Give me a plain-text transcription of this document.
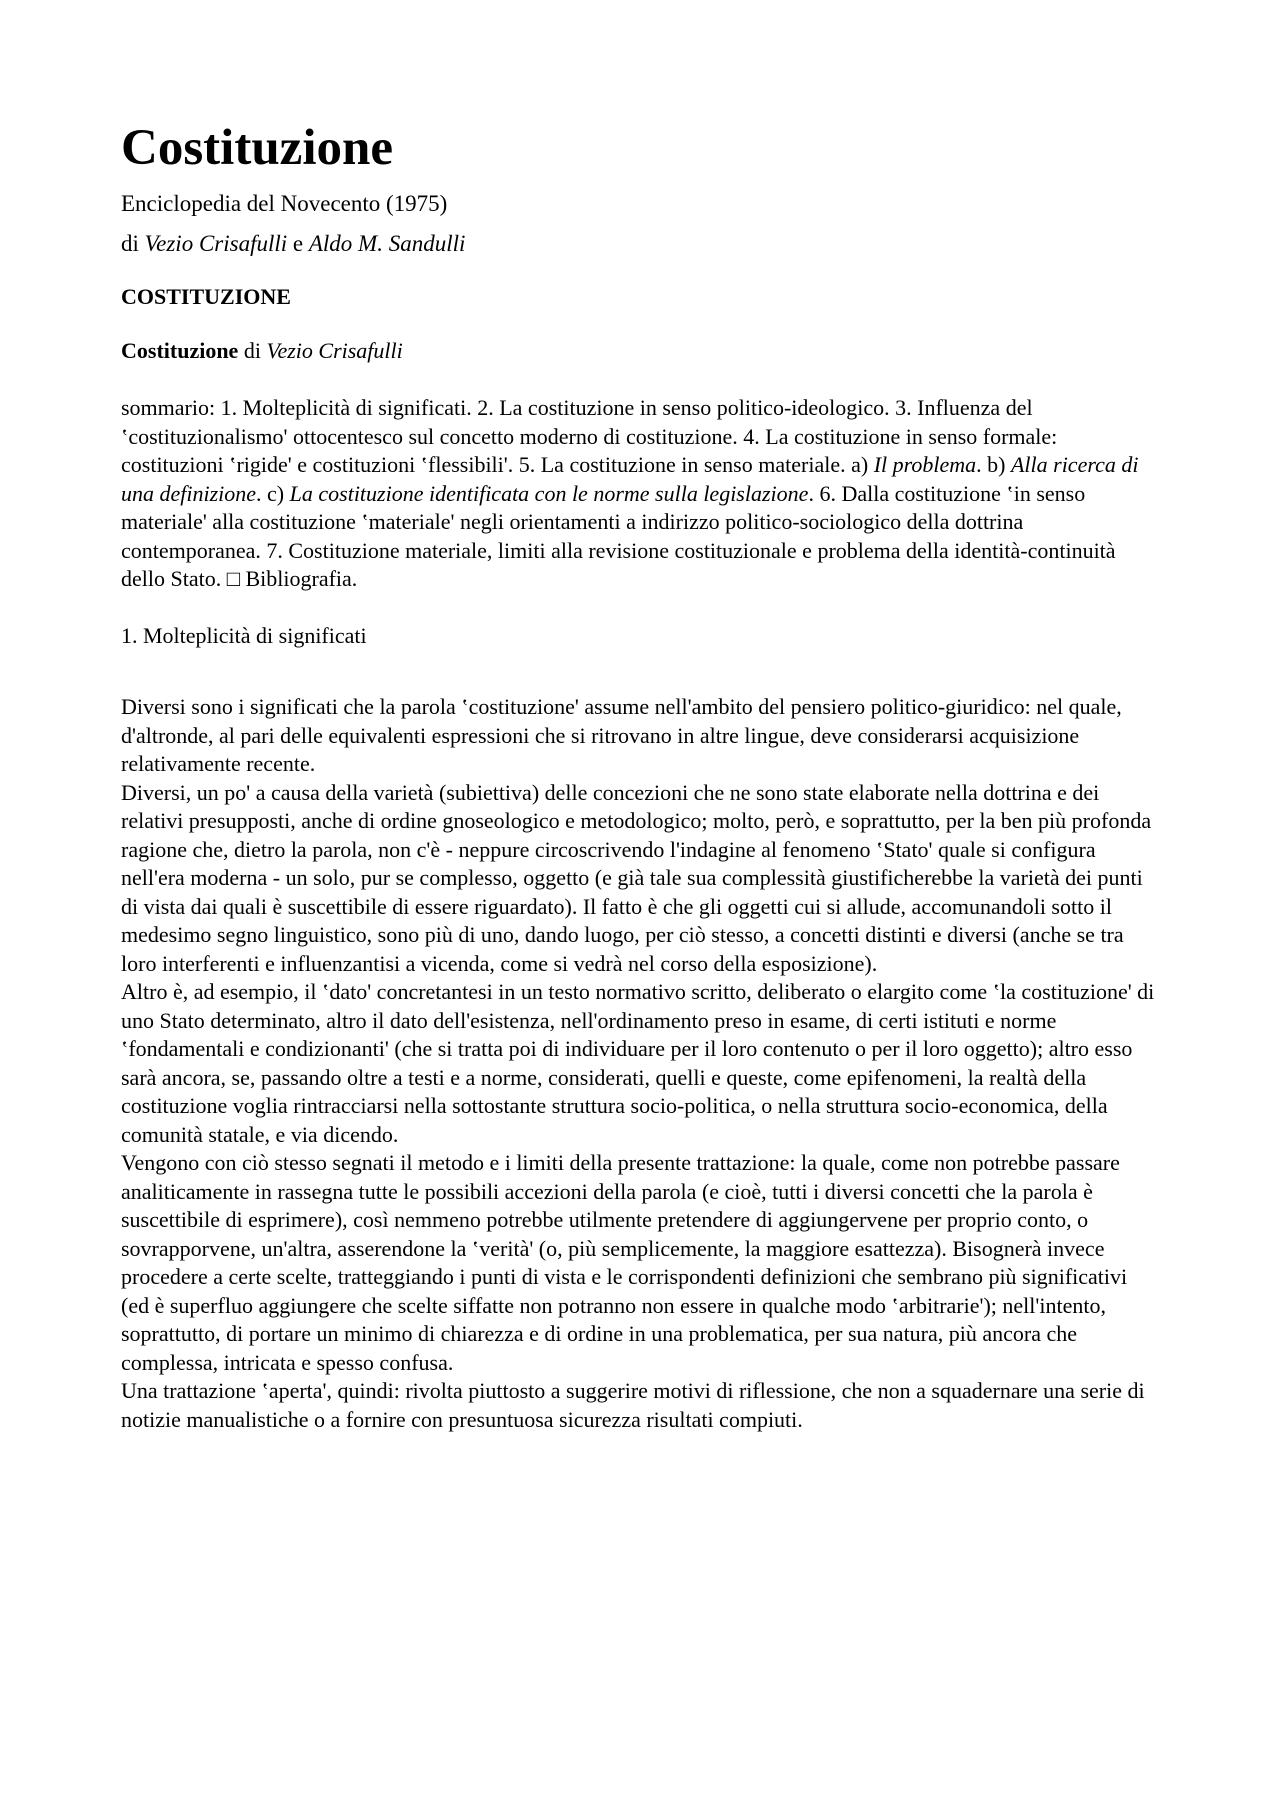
Costituzione

Enciclopedia del Novecento (1975)

di Vezio Crisafulli e Aldo M. Sandulli

COSTITUZIONE

Costituzione di Vezio Crisafulli

sommario: 1. Molteplicità di significati. 2. La costituzione in senso politico-ideologico. 3. Influenza del ‛costituzionalismo' ottocentesco sul concetto moderno di costituzione. 4. La costituzione in senso formale: costituzioni ‛rigide' e costituzioni ‛flessibili'. 5. La costituzione in senso materiale. a) Il problema. b) Alla ricerca di una definizione. c) La costituzione identificata con le norme sulla legislazione. 6. Dalla costituzione ‛in senso materiale' alla costituzione ‛materiale' negli orientamenti a indirizzo politico-sociologico della dottrina contemporanea. 7. Costituzione materiale, limiti alla revisione costituzionale e problema della identità-continuità dello Stato. □ Bibliografia.

1. Molteplicità di significati

Diversi sono i significati che la parola ‛costituzione' assume nell'ambito del pensiero politico-giuridico: nel quale, d'altronde, al pari delle equivalenti espressioni che si ritrovano in altre lingue, deve considerarsi acquisizione relativamente recente.

Diversi, un po' a causa della varietà (subiettiva) delle concezioni che ne sono state elaborate nella dottrina e dei relativi presupposti, anche di ordine gnoseologico e metodologico; molto, però, e soprattutto, per la ben più profonda ragione che, dietro la parola, non c'è - neppure circoscrivendo l'indagine al fenomeno ‛Stato' quale si configura nell'era moderna - un solo, pur se complesso, oggetto (e già tale sua complessità giustificherebbe la varietà dei punti di vista dai quali è suscettibile di essere riguardato). Il fatto è che gli oggetti cui si allude, accomunandoli sotto il medesimo segno linguistico, sono più di uno, dando luogo, per ciò stesso, a concetti distinti e diversi (anche se tra loro interferenti e influenzantisi a vicenda, come si vedrà nel corso della esposizione).

Altro è, ad esempio, il ‛dato' concretantesi in un testo normativo scritto, deliberato o elargito come ‛la costituzione' di uno Stato determinato, altro il dato dell'esistenza, nell'ordinamento preso in esame, di certi istituti e norme ‛fondamentali e condizionanti' (che si tratta poi di individuare per il loro contenuto o per il loro oggetto); altro esso sarà ancora, se, passando oltre a testi e a norme, considerati, quelli e queste, come epifenomeni, la realtà della costituzione voglia rintracciarsi nella sottostante struttura socio-politica, o nella struttura socio-economica, della comunità statale, e via dicendo.

Vengono con ciò stesso segnati il metodo e i limiti della presente trattazione: la quale, come non potrebbe passare analiticamente in rassegna tutte le possibili accezioni della parola (e cioè, tutti i diversi concetti che la parola è suscettibile di esprimere), così nemmeno potrebbe utilmente pretendere di aggiungervene per proprio conto, o sovrapporvene, un'altra, asserendone la ‛verità' (o, più semplicemente, la maggiore esattezza). Bisognerà invece procedere a certe scelte, tratteggiando i punti di vista e le corrispondenti definizioni che sembrano più significativi (ed è superfluo aggiungere che scelte siffatte non potranno non essere in qualche modo ‛arbitrarie'); nell'intento, soprattutto, di portare un minimo di chiarezza e di ordine in una problematica, per sua natura, più ancora che complessa, intricata e spesso confusa.

Una trattazione ‛aperta', quindi: rivolta piuttosto a suggerire motivi di riflessione, che non a squadernare una serie di notizie manualistiche o a fornire con presuntuosa sicurezza risultati compiuti.
